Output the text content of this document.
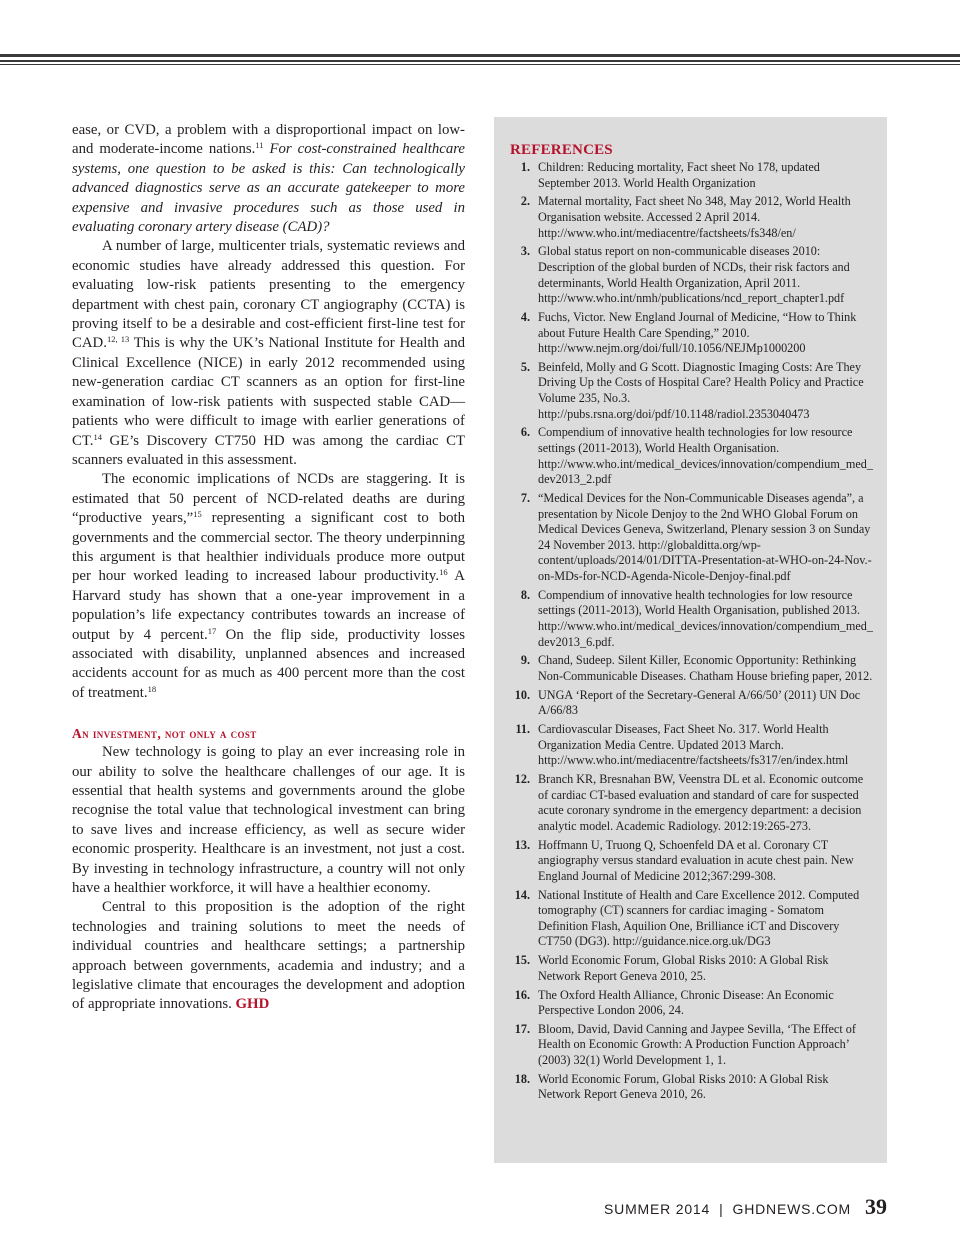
ease, or CVD, a problem with a disproportional impact on low- and moderate-income nations.$^{11}$ For cost-constrained healthcare systems, one question to be asked is this: Can technologically advanced diagnostics serve as an accurate gatekeeper to more expensive and invasive procedures such as those used in evaluating coronary artery disease (CAD)?

A number of large, multicenter trials, systematic reviews and economic studies have already addressed this question. For evaluating low-risk patients presenting to the emergency department with chest pain, coronary CT angiography (CCTA) is proving itself to be a desirable and cost-efficient first-line test for CAD.$^{12, 13}$ This is why the UK’s National Institute for Health and Clinical Excellence (NICE) in early 2012 recommended using new-generation cardiac CT scanners as an option for first-line examination of low-risk patients with suspected stable CAD—patients who were difficult to image with earlier generations of CT.$^{14}$ GE’s Discovery CT750 HD was among the cardiac CT scanners evaluated in this assessment.

The economic implications of NCDs are staggering. It is estimated that 50 percent of NCD-related deaths are during “productive years,”$^{15}$ representing a significant cost to both governments and the commercial sector. The theory underpinning this argument is that healthier individuals produce more output per hour worked leading to increased labour productivity.$^{16}$ A Harvard study has shown that a one-year improvement in a population’s life expectancy contributes towards an increase of output by 4 percent.$^{17}$ On the flip side, productivity losses associated with disability, unplanned absences and increased accidents account for as much as 400 percent more than the cost of treatment.$^{18}$

An investment, not only a cost

New technology is going to play an ever increasing role in our ability to solve the healthcare challenges of our age. It is essential that health systems and governments around the globe recognise the total value that technological investment can bring to save lives and increase efficiency, as well as secure wider economic prosperity. Healthcare is an investment, not just a cost. By investing in technology infrastructure, a country will not only have a healthier workforce, it will have a healthier economy.

Central to this proposition is the adoption of the right technologies and training solutions to meet the needs of individual countries and healthcare settings; a partnership approach between governments, academia and industry; and a legislative climate that encourages the development and adoption of appropriate innovations. GHD

REFERENCES
1. Children: Reducing mortality, Fact sheet No 178, updated September 2013. World Health Organization
2. Maternal mortality, Fact sheet No 348, May 2012, World Health Organisation website. Accessed 2 April 2014. http://www.who.int/mediacentre/factsheets/fs348/en/
3. Global status report on non-communicable diseases 2010: Description of the global burden of NCDs, their risk factors and determinants, World Health Organization, April 2011. http://www.who.int/nmh/publications/ncd_report_chapter1.pdf
4. Fuchs, Victor. New England Journal of Medicine, “How to Think about Future Health Care Spending,” 2010. http://www.nejm.org/doi/full/10.1056/NEJMp1000200
5. Beinfeld, Molly and G Scott. Diagnostic Imaging Costs: Are They Driving Up the Costs of Hospital Care? Health Policy and Practice Volume 235, No.3. http://pubs.rsna.org/doi/pdf/10.1148/radiol.2353040473
6. Compendium of innovative health technologies for low resource settings (2011-2013), World Health Organisation. http://www.who.int/medical_devices/innovation/compendium_med_dev2013_2.pdf
7. “Medical Devices for the Non-Communicable Diseases agenda”, a presentation by Nicole Denjoy to the 2nd WHO Global Forum on Medical Devices Geneva, Switzerland, Plenary session 3 on Sunday 24 November 2013. http://globalditta.org/wp-content/uploads/2014/01/DITTA-Presentation-at-WHO-on-24-Nov.-on-MDs-for-NCD-Agenda-Nicole-Denjoy-final.pdf
8. Compendium of innovative health technologies for low resource settings (2011-2013), World Health Organisation, published 2013. http://www.who.int/medical_devices/innovation/compendium_med_dev2013_6.pdf.
9. Chand, Sudeep. Silent Killer, Economic Opportunity: Rethinking Non-Communicable Diseases. Chatham House briefing paper, 2012.
10. UNGA ‘Report of the Secretary-General A/66/50’ (2011) UN Doc A/66/83
11. Cardiovascular Diseases, Fact Sheet No. 317. World Health Organization Media Centre. Updated 2013 March. http://www.who.int/mediacentre/factsheets/fs317/en/index.html
12. Branch KR, Bresnahan BW, Veenstra DL et al. Economic outcome of cardiac CT-based evaluation and standard of care for suspected acute coronary syndrome in the emergency department: a decision analytic model. Academic Radiology. 2012:19:265-273.
13. Hoffmann U, Truong Q, Schoenfeld DA et al. Coronary CT angiography versus standard evaluation in acute chest pain. New England Journal of Medicine 2012;367:299-308.
14. National Institute of Health and Care Excellence 2012. Computed tomography (CT) scanners for cardiac imaging - Somatom Definition Flash, Aquilion One, Brilliance iCT and Discovery CT750 (DG3). http://guidance.nice.org.uk/DG3
15. World Economic Forum, Global Risks 2010: A Global Risk Network Report Geneva 2010, 25.
16. The Oxford Health Alliance, Chronic Disease: An Economic Perspective London 2006, 24.
17. Bloom, David, David Canning and Jaypee Sevilla, ‘The Effect of Health on Economic Growth: A Production Function Approach’ (2003) 32(1) World Development 1, 1.
18. World Economic Forum, Global Risks 2010: A Global Risk Network Report Geneva 2010, 26.
SUMMER 2014 | GHDNEWS.COM 39
